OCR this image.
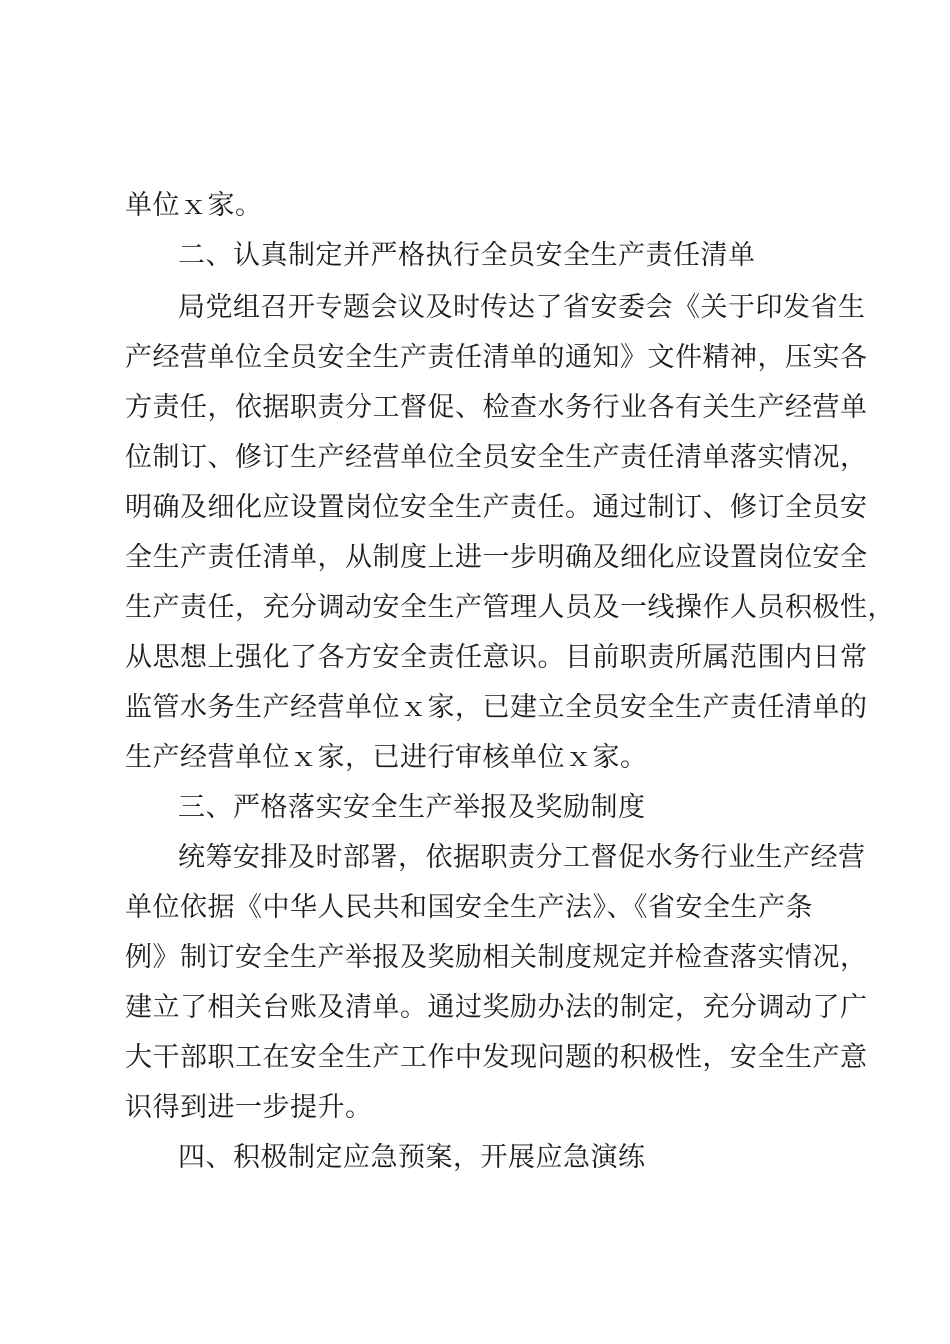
单位ｘ家。
二、认真制定并严格执行全员安全生产责任清单
局党组召开专题会议及时传达了省安委会《关于印发省生
产经营单位全员安全生产责任清单的通知》文件精神，压实各
方责任，依据职责分工督促、检查水务行业各有关生产经营单
位制订、修订生产经营单位全员安全生产责任清单落实情况，
明确及细化应设置岗位安全生产责任。通过制订、修订全员安
全生产责任清单，从制度上进一步明确及细化应设置岗位安全
生产责任，充分调动安全生产管理人员及一线操作人员积极性，
从思想上强化了各方安全责任意识。目前职责所属范围内日常
监管水务生产经营单位ｘ家，已建立全员安全生产责任清单的
生产经营单位ｘ家，已进行审核单位ｘ家。
三、严格落实安全生产举报及奖励制度
统筹安排及时部署，依据职责分工督促水务行业生产经营
单位依据《中华人民共和国安全生产法》、《省安全生产条
例》制订安全生产举报及奖励相关制度规定并检查落实情况，
建立了相关台账及清单。通过奖励办法的制定，充分调动了广
大干部职工在安全生产工作中发现问题的积极性，安全生产意
识得到进一步提升。
四、积极制定应急预案，开展应急演练
